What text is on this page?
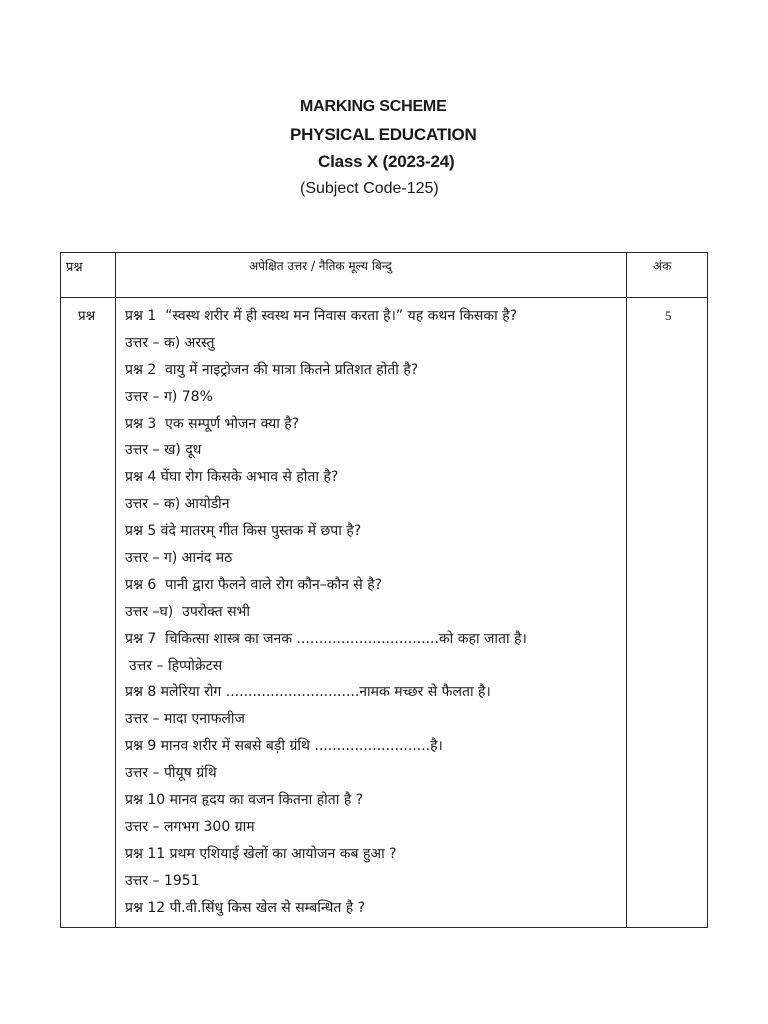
MARKING SCHEME
PHYSICAL EDUCATION
Class X (2023-24)
(Subject Code-125)
प्रश्न	अपेक्षित उत्तर / नैतिक मूल्य बिन्दु	अंक
प्रश्न प्रश्न 1  “स्वस्थ शरीर में ही स्वस्थ मन निवास करता है।” यह कथन किसका है?
उत्तर – क) अरस्तु
प्रश्न 2  वायु में नाइट्रोजन की मात्रा कितने प्रतिशत होती है?
उत्तर – ग) 78%
प्रश्न 3  एक सम्पूर्ण भोजन क्या है?
उत्तर – ख) दूध
प्रश्न 4 घेंघा रोग किसके अभाव से होता है?
उत्तर – क) आयोडीन
प्रश्न 5 वंदे मातरम् गीत किस पुस्तक में छपा है?
उत्तर – ग) आनंद मठ
प्रश्न 6  पानी द्वारा फैलने वाले रोग कौन–कौन से है?
उत्तर –घ)  उपरोक्त सभी
प्रश्न 7  चिकित्सा शास्त्र का जनक ................................को कहा जाता है।
उत्तर – हिप्पोक्रेटस
प्रश्न 8 मलेरिया रोग ..............................नामक मच्छर से फैलता है।
उत्तर – मादा एनाफलीज
प्रश्न 9 मानव शरीर में सबसे बड़ी ग्रंथि ..........................है।
उत्तर – पीयूष ग्रंथि
प्रश्न 10 मानव हृदय का वजन कितना होता है ?
उत्तर – लगभग 300 ग्राम
प्रश्न 11 प्रथम एशियाई खेलों का आयोजन कब हुआ ?
उत्तर – 1951
प्रश्न 12 पी.वी.सिंधु किस खेल से सम्बन्धित है ?
5
